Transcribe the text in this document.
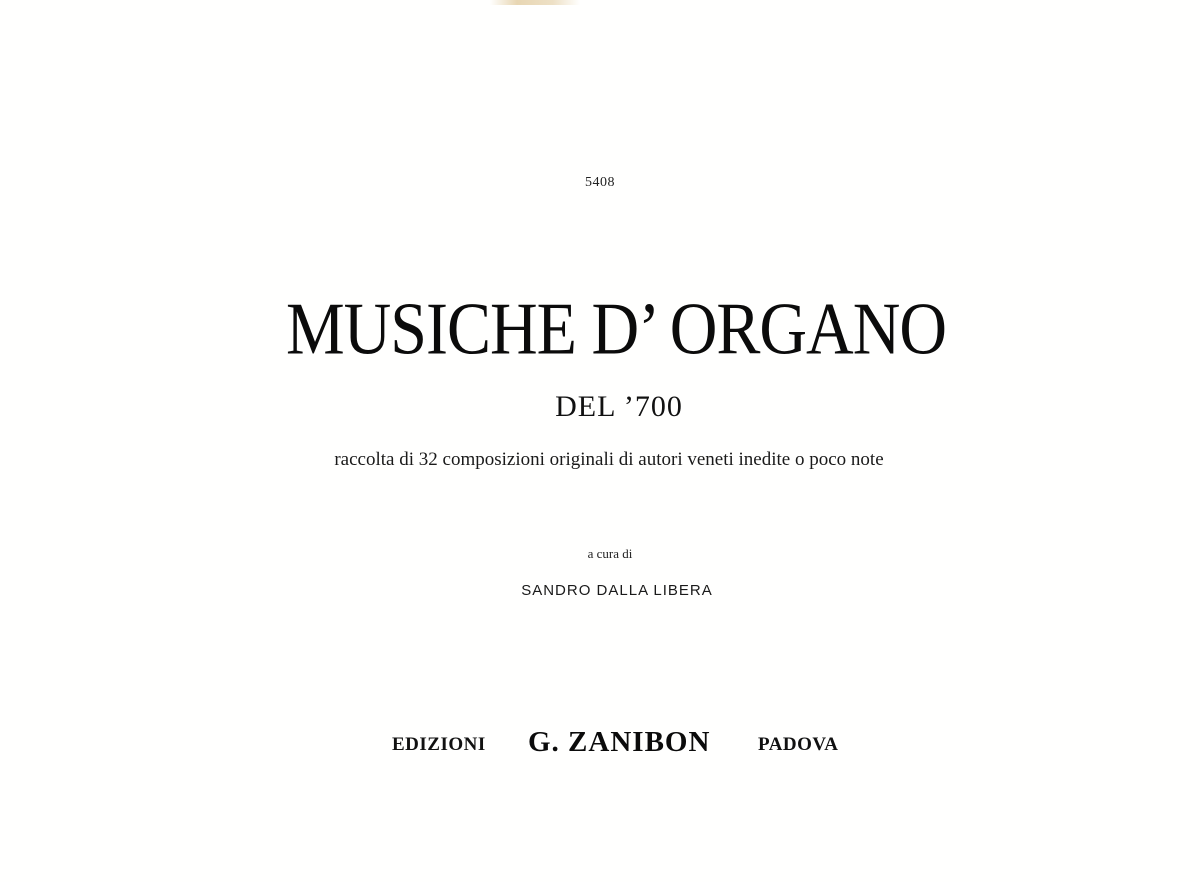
5408
MUSICHE D’ ORGANO
DEL ’700
raccolta di 32 composizioni originali di autori veneti inedite o poco note
a cura di
SANDRO DALLA LIBERA
EDIZIONI G. ZANIBON	PADOVA
